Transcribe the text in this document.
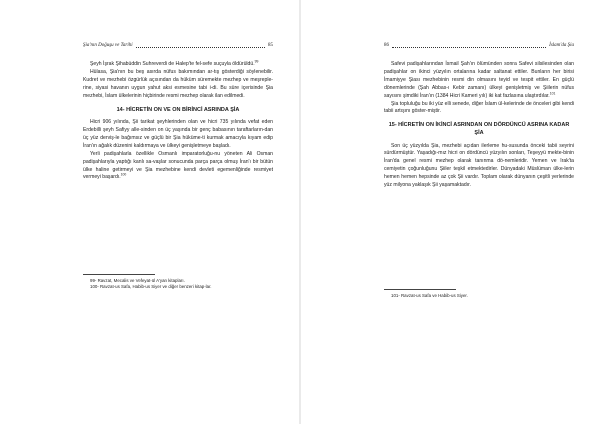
Şia'nın Doğuşu ve Tarihi	85

Şeyh İşrak Şihabüddin Suhreverdi de Halep'te fel-sefe suçuyla öldürüldü.$^{99}$

Hülasa, Şia'nın bu beş asırda nüfus bakımından ar-tış gösterdiği söylenebilir. Kudret ve mezhebi özgürlük açısından da hüküm süremekte mezhep ve meşreple-rine, siyasi havanın uygun yahut aksi esmesine tabi i-di. Bu süre içerisinde Şia mezhebi, İslam ülkelerinin hiçbirinde resmi mezhep olarak ilan edilmedi.

14- HİCRETİN ON VE ON BİRİNCİ ASRINDA ŞİA

Hicri 906 yılında, Şii tarikat şeyhlerinden olan ve hicri 735 yılında vefat eden Erdebilli şeyh Safiyy alle-sinden on üç yaşında bir genç babasının taraftarların-dan üç yüz derviş-le bağımsız ve güçlü bir Şia hüküme-ti kurmak amacıyla kıyam edip İran'ın ağalık düzenini kaldırmaya ve ülkeyi genişletmeye başladı.

Yerli padişahlarla özellikle Osmanlı imparatorluğu-nu yöneten Ali Osman padişahlarıyla yaptığı kanlı sa-vaşlar sonucunda parça parça olmuş İran'ı bir bütün ülke haline getirmeyi ve Şia mezhebine kendi devleti egemenliğinde resmiyet vermeyi başardı.$^{100}$

99- Ravzat, Mecalis ve Vefeyat-ül A'yan kitapları.

100- Ravzat-us Safa, Habib-us Siyer ve diğer benzeri kitap-lar.

86	İslam'da Şia

Safevi padişahlarından İsmail Şah'ın ölümünden sonra Safevi silsilesinden olan padişahlar on ikinci yüzyılın ortalarına kadar saltanat ettiler. Bunların her birisi İmamiyye Şiası mezhebinin resmi din olmasını teyid ve tespit ettiler. En güçlü dönemlerinde (Şah Abbas-ı Kebir zamanı) ülkeyi genişletmiş ve Şiilerin nüfus sayısını şimdiki İran'ın (1384 Hicri Kameri yılı) iki kat fazlasına ulaştırdılar.$^{101}$

Şia topluluğu bu iki yüz elli senede, diğer İslam ül-kelerinde de önceleri gibi kendi tabii artışını göster-miştir.

15- HİCRETİN ON İKİNCİ ASRINDAN ON DÖRDÜNCÜ ASRINA KADAR ŞİA

Son üç yüzyılda Şia, mezhebi açıdan ilerleme hu-susunda önceki tabii seyrini sürdürmüştür. Yaşadığı-mız hicri on dördüncü yüzyılın sonları, Teşeyyü mekte-binin İran'da genel resmi mezhep olarak tanınma dö-nemleridir. Yemen ve Irak'ta cemiyetin çoğunluğunu Şiiler teşkil etmektedirler. Dünyadaki Müslüman ülke-lerin hemen hemen hepsinde az çok Şii vardır. Toplam olarak dünyanın çeşitli yerlerinde yüz milyona yaklaşık Şii yaşamaktadır.

101- Ravzat-us Safa ve Habib-us Siyer.
